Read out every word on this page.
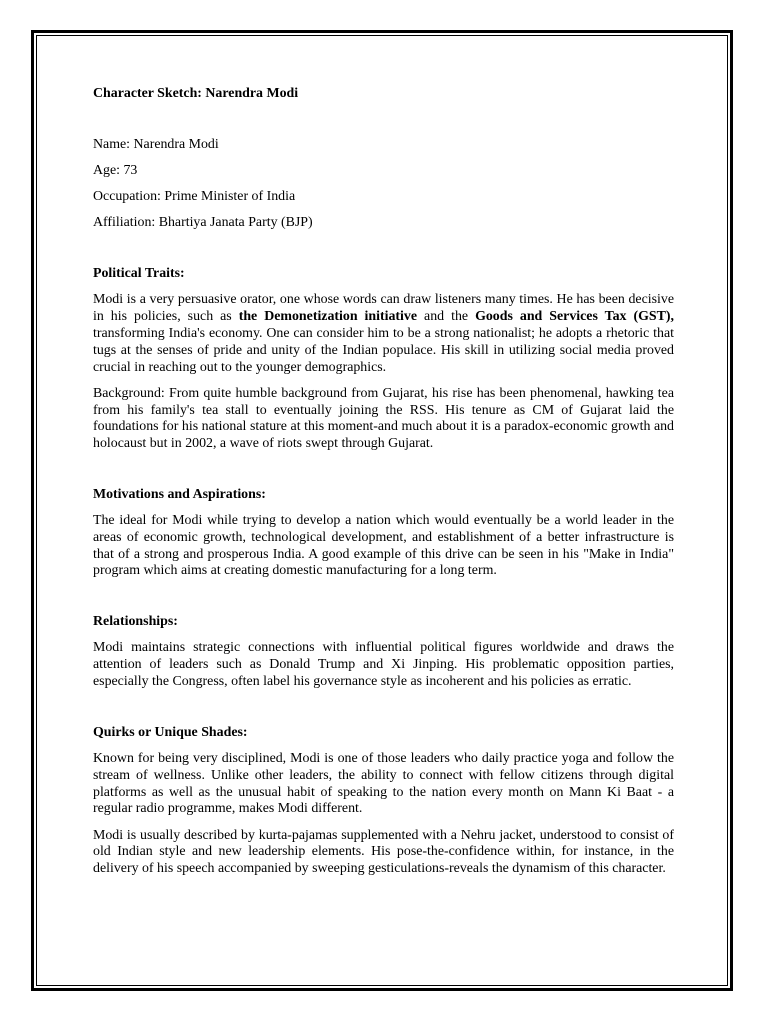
Character Sketch: Narendra Modi
Name: Narendra Modi
Age: 73
Occupation: Prime Minister of India
Affiliation: Bhartiya Janata Party (BJP)
Political Traits:
Modi is a very persuasive orator, one whose words can draw listeners many times. He has been decisive in his policies, such as the Demonetization initiative and the Goods and Services Tax (GST), transforming India's economy. One can consider him to be a strong nationalist; he adopts a rhetoric that tugs at the senses of pride and unity of the Indian populace. His skill in utilizing social media proved crucial in reaching out to the younger demographics.
Background: From quite humble background from Gujarat, his rise has been phenomenal, hawking tea from his family's tea stall to eventually joining the RSS. His tenure as CM of Gujarat laid the foundations for his national stature at this moment-and much about it is a paradox-economic growth and holocaust but in 2002, a wave of riots swept through Gujarat.
Motivations and Aspirations:
The ideal for Modi while trying to develop a nation which would eventually be a world leader in the areas of economic growth, technological development, and establishment of a better infrastructure is that of a strong and prosperous India. A good example of this drive can be seen in his "Make in India" program which aims at creating domestic manufacturing for a long term.
Relationships:
Modi maintains strategic connections with influential political figures worldwide and draws the attention of leaders such as Donald Trump and Xi Jinping. His problematic opposition parties, especially the Congress, often label his governance style as incoherent and his policies as erratic.
Quirks or Unique Shades:
Known for being very disciplined, Modi is one of those leaders who daily practice yoga and follow the stream of wellness. Unlike other leaders, the ability to connect with fellow citizens through digital platforms as well as the unusual habit of speaking to the nation every month on Mann Ki Baat - a regular radio programme, makes Modi different.
Modi is usually described by kurta-pajamas supplemented with a Nehru jacket, understood to consist of old Indian style and new leadership elements. His pose-the-confidence within, for instance, in the delivery of his speech accompanied by sweeping gesticulations-reveals the dynamism of this character.
